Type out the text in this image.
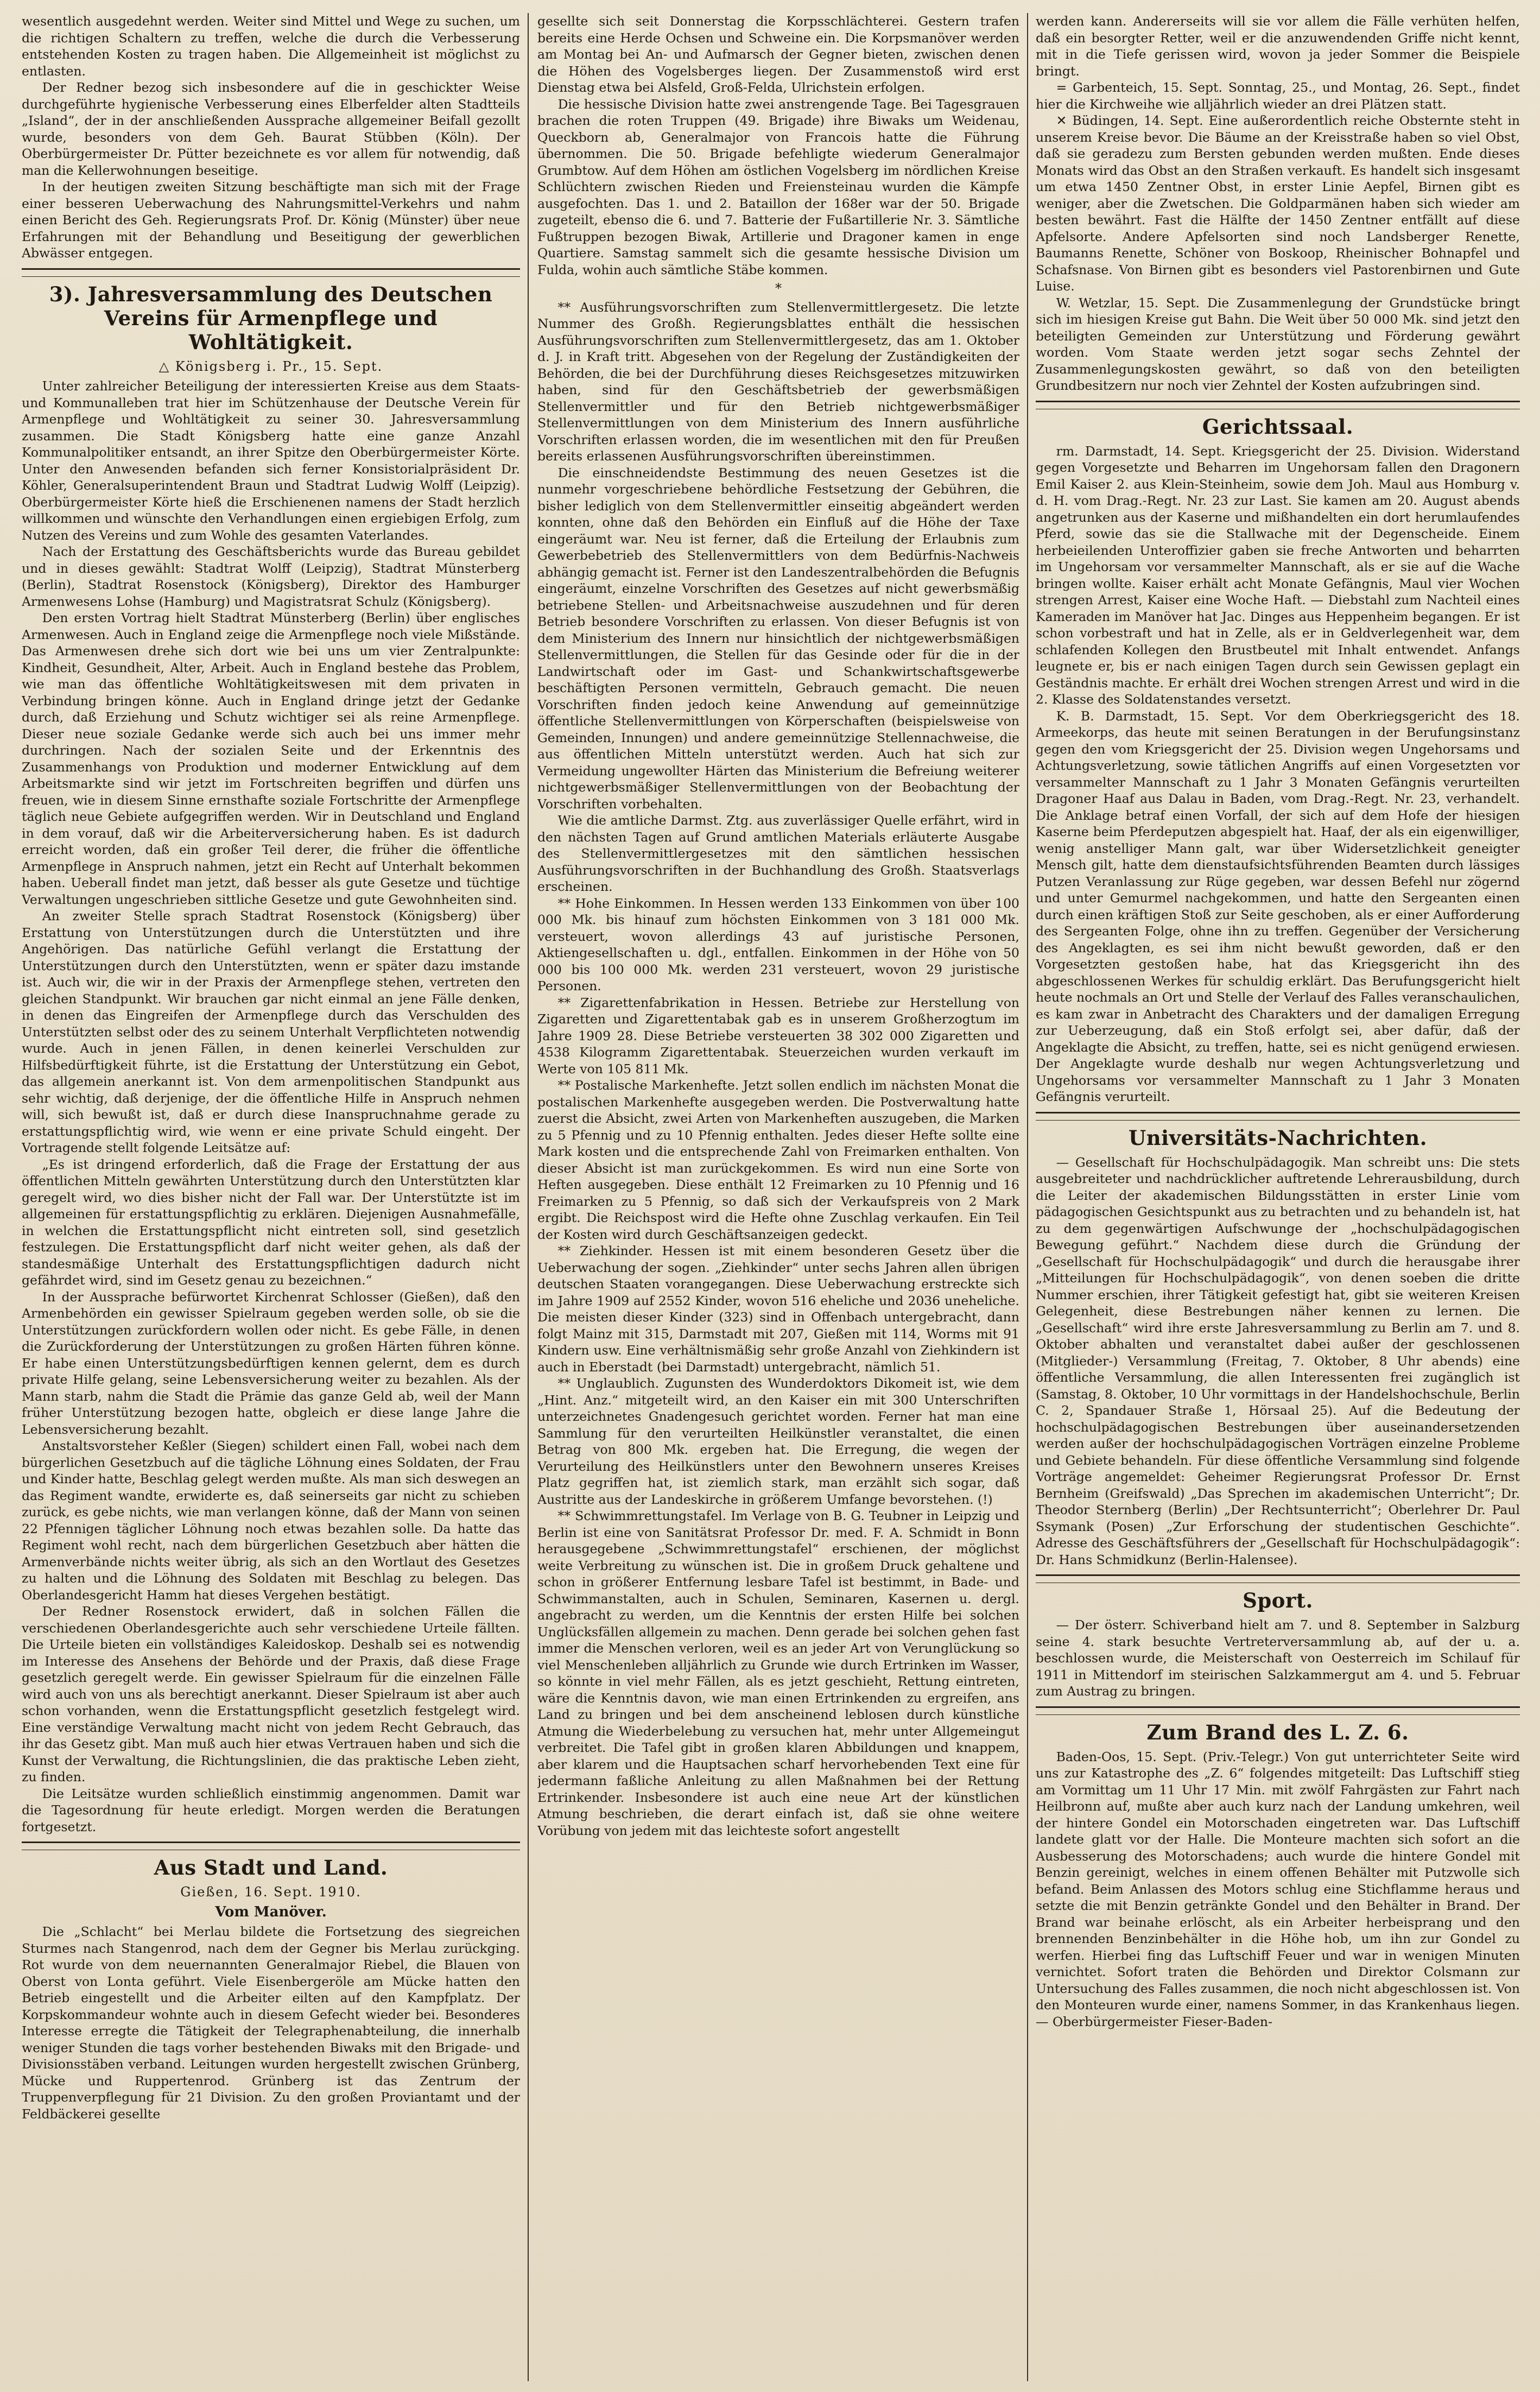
wesentlich ausgedehnt werden. Weiter sind Mittel und Wege zu suchen, um die richtigen Schaltern zu treffen, welche die durch die Verbesserung entstehenden Kosten zu tragen haben. Die Allgemeinheit ist möglichst zu entlasten.

Der Redner bezog sich insbesondere auf die in geschickter Weise durchgeführte hygienische Verbesserung eines Elberfelder alten Stadtteils „Island“, der in der anschließenden Aussprache allgemeiner Beifall gezollt wurde, besonders von dem Geh. Baurat Stübben (Köln). Der Oberbürgermeister Dr. Pütter bezeichnete es vor allem für notwendig, daß man die Kellerwohnungen beseitige.

In der heutigen zweiten Sitzung beschäftigte man sich mit der Frage einer besseren Ueberwachung des Nahrungsmittel-Verkehrs und nahm einen Bericht des Geh. Regierungsrats Prof. Dr. König (Münster) über neue Erfahrungen mit der Behandlung und Beseitigung der gewerblichen Abwässer entgegen.

3). Jahresversammlung des Deutschen Vereins für Armenpflege und Wohltätigkeit.
△ Königsberg i. Pr., 15. Sept.

Unter zahlreicher Beteiligung der interessierten Kreise aus dem Staats- und Kommunalleben trat hier im Schützenhause der Deutsche Verein für Armenpflege und Wohltätigkeit zu seiner 30. Jahresversammlung zusammen. Die Stadt Königsberg hatte eine ganze Anzahl Kommunalpolitiker entsandt, an ihrer Spitze den Oberbürgermeister Körte. Unter den Anwesenden befanden sich ferner Konsistorialpräsident Dr. Köhler, Generalsuperintendent Braun und Stadtrat Ludwig Wolff (Leipzig). Oberbürgermeister Körte hieß die Erschienenen namens der Stadt herzlich willkommen und wünschte den Verhandlungen einen ergiebigen Erfolg, zum Nutzen des Vereins und zum Wohle des gesamten Vaterlandes.

Nach der Erstattung des Geschäftsberichts wurde das Bureau gebildet und in dieses gewählt: Stadtrat Wolff (Leipzig), Stadtrat Münsterberg (Berlin), Stadtrat Rosenstock (Königsberg), Direktor des Hamburger Armenwesens Lohse (Hamburg) und Magistratsrat Schulz (Königsberg).

Den ersten Vortrag hielt Stadtrat Münsterberg (Berlin) über englisches Armenwesen. Auch in England zeige die Armenpflege noch viele Mißstände. Das Armenwesen drehe sich dort wie bei uns um vier Zentralpunkte: Kindheit, Gesundheit, Alter, Arbeit. Auch in England bestehe das Problem, wie man das öffentliche Wohltätigkeitswesen mit dem privaten in Verbindung bringen könne. Auch in England dringe jetzt der Gedanke durch, daß Erziehung und Schutz wichtiger sei als reine Armenpflege. Dieser neue soziale Gedanke werde sich auch bei uns immer mehr durchringen. Nach der sozialen Seite und der Erkenntnis des Zusammenhangs von Produktion und moderner Entwicklung auf dem Arbeitsmarkte sind wir jetzt im Fortschreiten begriffen und dürfen uns freuen, wie in diesem Sinne ernsthafte soziale Fortschritte der Armenpflege täglich neue Gebiete aufgegriffen werden. Wir in Deutschland und England in dem vorauf, daß wir die Arbeiterversicherung haben. Es ist dadurch erreicht worden, daß ein großer Teil derer, die früher die öffentliche Armenpflege in Anspruch nahmen, jetzt ein Recht auf Unterhalt bekommen haben. Ueberall findet man jetzt, daß besser als gute Gesetze und tüchtige Verwaltungen ungeschrieben sittliche Gesetze und gute Gewohnheiten sind.

An zweiter Stelle sprach Stadtrat Rosenstock (Königsberg) über Erstattung von Unterstützungen durch die Unterstützten und ihre Angehörigen. Das natürliche Gefühl verlangt die Erstattung der Unterstützungen durch den Unterstützten, wenn er später dazu imstande ist. Auch wir, die wir in der Praxis der Armenpflege stehen, vertreten den gleichen Standpunkt. Wir brauchen gar nicht einmal an jene Fälle denken, in denen das Eingreifen der Armenpflege durch das Verschulden des Unterstützten selbst oder des zu seinem Unterhalt Verpflichteten notwendig wurde. Auch in jenen Fällen, in denen keinerlei Verschulden zur Hilfsbedürftigkeit führte, ist die Erstattung der Unterstützung ein Gebot, das allgemein anerkannt ist. Von dem armenpolitischen Standpunkt aus sehr wichtig, daß derjenige, der die öffentliche Hilfe in Anspruch nehmen will, sich bewußt ist, daß er durch diese Inanspruchnahme gerade zu erstattungspflichtig wird, wie wenn er eine private Schuld eingeht. Der Vortragende stellt folgende Leitsätze auf:

„Es ist dringend erforderlich, daß die Frage der Erstattung der aus öffentlichen Mitteln gewährten Unterstützung durch den Unterstützten klar geregelt wird, wo dies bisher nicht der Fall war. Der Unterstützte ist im allgemeinen für erstattungspflichtig zu erklären. Diejenigen Ausnahmefälle, in welchen die Erstattungspflicht nicht eintreten soll, sind gesetzlich festzulegen. Die Erstattungspflicht darf nicht weiter gehen, als daß der standesmäßige Unterhalt des Erstattungspflichtigen dadurch nicht gefährdet wird, sind im Gesetz genau zu bezeichnen.“

In der Aussprache befürwortet Kirchenrat Schlosser (Gießen), daß den Armenbehörden ein gewisser Spielraum gegeben werden solle, ob sie die Unterstützungen zurückfordern wollen oder nicht. Es gebe Fälle, in denen die Zurückforderung der Unterstützungen zu großen Härten führen könne. Er habe einen Unterstützungsbedürftigen kennen gelernt, dem es durch private Hilfe gelang, seine Lebensversicherung weiter zu bezahlen. Als der Mann starb, nahm die Stadt die Prämie das ganze Geld ab, weil der Mann früher Unterstützung bezogen hatte, obgleich er diese lange Jahre die Lebensversicherung bezahlt.

Anstaltsvorsteher Keßler (Siegen) schildert einen Fall, wobei nach dem bürgerlichen Gesetzbuch auf die tägliche Löhnung eines Soldaten, der Frau und Kinder hatte, Beschlag gelegt werden mußte. Als man sich deswegen an das Regiment wandte, erwiderte es, daß seinerseits gar nicht zu schieben zurück, es gebe nichts, wie man verlangen könne, daß der Mann von seinen 22 Pfennigen täglicher Löhnung noch etwas bezahlen solle. Da hatte das Regiment wohl recht, nach dem bürgerlichen Gesetzbuch aber hätten die Armenverbände nichts weiter übrig, als sich an den Wortlaut des Gesetzes zu halten und die Löhnung des Soldaten mit Beschlag zu belegen. Das Oberlandesgericht Hamm hat dieses Vergehen bestätigt.

Der Redner Rosenstock erwidert, daß in solchen Fällen die verschiedenen Oberlandesgerichte auch sehr verschiedene Urteile fällten. Die Urteile bieten ein vollständiges Kaleidoskop. Deshalb sei es notwendig im Interesse des Ansehens der Behörde und der Praxis, daß diese Frage gesetzlich geregelt werde. Ein gewisser Spielraum für die einzelnen Fälle wird auch von uns als berechtigt anerkannt. Dieser Spielraum ist aber auch schon vorhanden, wenn die Erstattungspflicht gesetzlich festgelegt wird. Eine verständige Verwaltung macht nicht von jedem Recht Gebrauch, das ihr das Gesetz gibt. Man muß auch hier etwas Vertrauen haben und sich die Kunst der Verwaltung, die Richtungslinien, die das praktische Leben zieht, zu finden.

Die Leitsätze wurden schließlich einstimmig angenommen. Damit war die Tagesordnung für heute erledigt. Morgen werden die Beratungen fortgesetzt.

Aus Stadt und Land.
Gießen, 16. Sept. 1910.
Vom Manöver.

Die „Schlacht“ bei Merlau bildete die Fortsetzung des siegreichen Sturmes nach Stangenrod, nach dem der Gegner bis Merlau zurückging. Rot wurde von dem neuernannten Generalmajor Riebel, die Blauen von Oberst von Lonta geführt. Viele Eisenbergeröle am Mücke hatten den Betrieb eingestellt und die Arbeiter eilten auf den Kampfplatz. Der Korpskommandeur wohnte auch in diesem Gefecht wieder bei. Besonderes Interesse erregte die Tätigkeit der Telegraphenabteilung, die innerhalb weniger Stunden die tags vorher bestehenden Biwaks mit den Brigade- und Divisionsstäben verband. Leitungen wurden hergestellt zwischen Grünberg, Mücke und Ruppertenrod. Grünberg ist das Zentrum der Truppenverpflegung für 21 Division. Zu den großen Proviantamt und der Feldbäckerei gesellte

gesellte sich seit Donnerstag die Korpsschlächterei. Gestern trafen bereits eine Herde Ochsen und Schweine ein. Die Korpsmanöver werden am Montag bei An- und Aufmarsch der Gegner bieten, zwischen denen die Höhen des Vogelsberges liegen. Der Zusammenstoß wird erst Dienstag etwa bei Alsfeld, Groß-Felda, Ulrichstein erfolgen.

Die hessische Division hatte zwei anstrengende Tage. Bei Tagesgrauen brachen die roten Truppen (49. Brigade) ihre Biwaks um Weidenau, Queckborn ab, Generalmajor von Francois hatte die Führung übernommen. Die 50. Brigade befehligte wiederum Generalmajor Grumbtow. Auf dem Höhen am östlichen Vogelsberg im nördlichen Kreise Schlüchtern zwischen Rieden und Freiensteinau wurden die Kämpfe ausgefochten. Das 1. und 2. Bataillon der 168er war der 50. Brigade zugeteilt, ebenso die 6. und 7. Batterie der Fußartillerie Nr. 3. Sämtliche Fußtruppen bezogen Biwak, Artillerie und Dragoner kamen in enge Quartiere. Samstag sammelt sich die gesamte hessische Division um Fulda, wohin auch sämtliche Stäbe kommen.

*

** Ausführungsvorschriften zum Stellenvermittlergesetz. Die letzte Nummer des Großh. Regierungsblattes enthält die hessischen Ausführungsvorschriften zum Stellenvermittlergesetz, das am 1. Oktober d. J. in Kraft tritt. Abgesehen von der Regelung der Zuständigkeiten der Behörden, die bei der Durchführung dieses Reichsgesetzes mitzuwirken haben, sind für den Geschäftsbetrieb der gewerbsmäßigen Stellenvermittler und für den Betrieb nichtgewerbsmäßiger Stellenvermittlungen von dem Ministerium des Innern ausführliche Vorschriften erlassen worden, die im wesentlichen mit den für Preußen bereits erlassenen Ausführungsvorschriften übereinstimmen.

Die einschneidendste Bestimmung des neuen Gesetzes ist die nunmehr vorgeschriebene behördliche Festsetzung der Gebühren, die bisher lediglich von dem Stellenvermittler einseitig abgeändert werden konnten, ohne daß den Behörden ein Einfluß auf die Höhe der Taxe eingeräumt war. Neu ist ferner, daß die Erteilung der Erlaubnis zum Gewerbebetrieb des Stellenvermittlers von dem Bedürfnis-Nachweis abhängig gemacht ist. Ferner ist den Landeszentralbehörden die Befugnis eingeräumt, einzelne Vorschriften des Gesetzes auf nicht gewerbsmäßig betriebene Stellen- und Arbeitsnachweise auszudehnen und für deren Betrieb besondere Vorschriften zu erlassen. Von dieser Befugnis ist von dem Ministerium des Innern nur hinsichtlich der nichtgewerbsmäßigen Stellenvermittlungen, die Stellen für das Gesinde oder für die in der Landwirtschaft oder im Gast- und Schankwirtschaftsgewerbe beschäftigten Personen vermitteln, Gebrauch gemacht. Die neuen Vorschriften finden jedoch keine Anwendung auf gemeinnützige öffentliche Stellenvermittlungen von Körperschaften (beispielsweise von Gemeinden, Innungen) und andere gemeinnützige Stellennachweise, die aus öffentlichen Mitteln unterstützt werden. Auch hat sich zur Vermeidung ungewollter Härten das Ministerium die Befreiung weiterer nichtgewerbsmäßiger Stellenvermittlungen von der Beobachtung der Vorschriften vorbehalten.

Wie die amtliche Darmst. Ztg. aus zuverlässiger Quelle erfährt, wird in den nächsten Tagen auf Grund amtlichen Materials erläuterte Ausgabe des Stellenvermittlergesetzes mit den sämtlichen hessischen Ausführungsvorschriften in der Buchhandlung des Großh. Staatsverlags erscheinen.

** Hohe Einkommen. In Hessen werden 133 Einkommen von über 100 000 Mk. bis hinauf zum höchsten Einkommen von 3 181 000 Mk. versteuert, wovon allerdings 43 auf juristische Personen, Aktiengesellschaften u. dgl., entfallen. Einkommen in der Höhe von 50 000 bis 100 000 Mk. werden 231 versteuert, wovon 29 juristische Personen.

** Zigarettenfabrikation in Hessen. Betriebe zur Herstellung von Zigaretten und Zigarettentabak gab es in unserem Großherzogtum im Jahre 1909 28. Diese Betriebe versteuerten 38 302 000 Zigaretten und 4538 Kilogramm Zigarettentabak. Steuerzeichen wurden verkauft im Werte von 105 811 Mk.

** Postalische Markenhefte. Jetzt sollen endlich im nächsten Monat die postalischen Markenhefte ausgegeben werden. Die Postverwaltung hatte zuerst die Absicht, zwei Arten von Markenheften auszugeben, die Marken zu 5 Pfennig und zu 10 Pfennig enthalten. Jedes dieser Hefte sollte eine Mark kosten und die entsprechende Zahl von Freimarken enthalten. Von dieser Absicht ist man zurückgekommen. Es wird nun eine Sorte von Heften ausgegeben. Diese enthält 12 Freimarken zu 10 Pfennig und 16 Freimarken zu 5 Pfennig, so daß sich der Verkaufspreis von 2 Mark ergibt. Die Reichspost wird die Hefte ohne Zuschlag verkaufen. Ein Teil der Kosten wird durch Geschäftsanzeigen gedeckt.

** Ziehkinder. Hessen ist mit einem besonderen Gesetz über die Ueberwachung der sogen. „Ziehkinder“ unter sechs Jahren allen übrigen deutschen Staaten vorangegangen. Diese Ueberwachung erstreckte sich im Jahre 1909 auf 2552 Kinder, wovon 516 eheliche und 2036 uneheliche. Die meisten dieser Kinder (323) sind in Offenbach untergebracht, dann folgt Mainz mit 315, Darmstadt mit 207, Gießen mit 114, Worms mit 91 Kindern usw. Eine verhältnismäßig sehr große Anzahl von Ziehkindern ist auch in Eberstadt (bei Darmstadt) untergebracht, nämlich 51.

** Unglaublich. Zugunsten des Wunderdoktors Dikomeit ist, wie dem „Hint. Anz.“ mitgeteilt wird, an den Kaiser ein mit 300 Unterschriften unterzeichnetes Gnadengesuch gerichtet worden. Ferner hat man eine Sammlung für den verurteilten Heilkünstler veranstaltet, die einen Betrag von 800 Mk. ergeben hat. Die Erregung, die wegen der Verurteilung des Heilkünstlers unter den Bewohnern unseres Kreises Platz gegriffen hat, ist ziemlich stark, man erzählt sich sogar, daß Austritte aus der Landeskirche in größerem Umfange bevorstehen. (!)

** Schwimmrettungstafel. Im Verlage von B. G. Teubner in Leipzig und Berlin ist eine von Sanitätsrat Professor Dr. med. F. A. Schmidt in Bonn herausgegebene „Schwimmrettungstafel“ erschienen, der möglichst weite Verbreitung zu wünschen ist. Die in großem Druck gehaltene und schon in größerer Entfernung lesbare Tafel ist bestimmt, in Bade- und Schwimmanstalten, auch in Schulen, Seminaren, Kasernen u. dergl. angebracht zu werden, um die Kenntnis der ersten Hilfe bei solchen Unglücksfällen allgemein zu machen. Denn gerade bei solchen gehen fast immer die Menschen verloren, weil es an jeder Art von Verunglückung so viel Menschenleben alljährlich zu Grunde wie durch Ertrinken im Wasser, so könnte in viel mehr Fällen, als es jetzt geschieht, Rettung eintreten, wäre die Kenntnis davon, wie man einen Ertrinkenden zu ergreifen, ans Land zu bringen und bei dem anscheinend leblosen durch künstliche Atmung die Wiederbelebung zu versuchen hat, mehr unter Allgemeingut verbreitet. Die Tafel gibt in großen klaren Abbildungen und knappem, aber klarem und die Hauptsachen scharf hervorhebenden Text eine für jedermann faßliche Anleitung zu allen Maßnahmen bei der Rettung Ertrinkender. Insbesondere ist auch eine neue Art der künstlichen Atmung beschrieben, die derart einfach ist, daß sie ohne weitere Vorübung von jedem mit das leichteste sofort angestellt

werden kann. Andererseits will sie vor allem die Fälle verhüten helfen, daß ein besorgter Retter, weil er die anzuwendenden Griffe nicht kennt, mit in die Tiefe gerissen wird, wovon ja jeder Sommer die Beispiele bringt.

= Garbenteich, 15. Sept. Sonntag, 25., und Montag, 26. Sept., findet hier die Kirchweihe wie alljährlich wieder an drei Plätzen statt.

✕ Büdingen, 14. Sept. Eine außerordentlich reiche Obsternte steht in unserem Kreise bevor. Die Bäume an der Kreisstraße haben so viel Obst, daß sie geradezu zum Bersten gebunden werden mußten. Ende dieses Monats wird das Obst an den Straßen verkauft. Es handelt sich insgesamt um etwa 1450 Zentner Obst, in erster Linie Aepfel, Birnen gibt es weniger, aber die Zwetschen. Die Goldparmänen haben sich wieder am besten bewährt. Fast die Hälfte der 1450 Zentner entfällt auf diese Apfelsorte. Andere Apfelsorten sind noch Landsberger Renette, Baumanns Renette, Schöner von Boskoop, Rheinischer Bohnapfel und Schafsnase. Von Birnen gibt es besonders viel Pastorenbirnen und Gute Luise.

W. Wetzlar, 15. Sept. Die Zusammenlegung der Grundstücke bringt sich im hiesigen Kreise gut Bahn. Die Weit über 50 000 Mk. sind jetzt den beteiligten Gemeinden zur Unterstützung und Förderung gewährt worden. Vom Staate werden jetzt sogar sechs Zehntel der Zusammenlegungskosten gewährt, so daß von den beteiligten Grundbesitzern nur noch vier Zehntel der Kosten aufzubringen sind.

Gerichtssaal.

rm. Darmstadt, 14. Sept. Kriegsgericht der 25. Division. Widerstand gegen Vorgesetzte und Beharren im Ungehorsam fallen den Dragonern Emil Kaiser 2. aus Klein-Steinheim, sowie dem Joh. Maul aus Homburg v. d. H. vom Drag.-Regt. Nr. 23 zur Last. Sie kamen am 20. August abends angetrunken aus der Kaserne und mißhandelten ein dort herumlaufendes Pferd, sowie das sie die Stallwache mit der Degenscheide. Einem herbeieilenden Unteroffizier gaben sie freche Antworten und beharrten im Ungehorsam vor versammelter Mannschaft, als er sie auf die Wache bringen wollte. Kaiser erhält acht Monate Gefängnis, Maul vier Wochen strengen Arrest, Kaiser eine Woche Haft. — Diebstahl zum Nachteil eines Kameraden im Manöver hat Jac. Dinges aus Heppenheim begangen. Er ist schon vorbestraft und hat in Zelle, als er in Geldverlegenheit war, dem schlafenden Kollegen den Brustbeutel mit Inhalt entwendet. Anfangs leugnete er, bis er nach einigen Tagen durch sein Gewissen geplagt ein Geständnis machte. Er erhält drei Wochen strengen Arrest und wird in die 2. Klasse des Soldatenstandes versetzt.

K. B. Darmstadt, 15. Sept. Vor dem Oberkriegsgericht des 18. Armeekorps, das heute mit seinen Beratungen in der Berufungsinstanz gegen den vom Kriegsgericht der 25. Division wegen Ungehorsams und Achtungsverletzung, sowie tätlichen Angriffs auf einen Vorgesetzten vor versammelter Mannschaft zu 1 Jahr 3 Monaten Gefängnis verurteilten Dragoner Haaf aus Dalau in Baden, vom Drag.-Regt. Nr. 23, verhandelt. Die Anklage betraf einen Vorfall, der sich auf dem Hofe der hiesigen Kaserne beim Pferdeputzen abgespielt hat. Haaf, der als ein eigenwilliger, wenig anstelliger Mann galt, war über Widersetzlichkeit geneigter Mensch gilt, hatte dem dienstaufsichtsführenden Beamten durch lässiges Putzen Veranlassung zur Rüge gegeben, war dessen Befehl nur zögernd und unter Gemurmel nachgekommen, und hatte den Sergeanten einen durch einen kräftigen Stoß zur Seite geschoben, als er einer Aufforderung des Sergeanten Folge, ohne ihn zu treffen. Gegenüber der Versicherung des Angeklagten, es sei ihm nicht bewußt geworden, daß er den Vorgesetzten gestoßen habe, hat das Kriegsgericht ihn des abgeschlossenen Werkes für schuldig erklärt. Das Berufungsgericht hielt heute nochmals an Ort und Stelle der Verlauf des Falles veranschaulichen, es kam zwar in Anbetracht des Charakters und der damaligen Erregung zur Ueberzeugung, daß ein Stoß erfolgt sei, aber dafür, daß der Angeklagte die Absicht, zu treffen, hatte, sei es nicht genügend erwiesen. Der Angeklagte wurde deshalb nur wegen Achtungsverletzung und Ungehorsams vor versammelter Mannschaft zu 1 Jahr 3 Monaten Gefängnis verurteilt.

Universitäts-Nachrichten.

— Gesellschaft für Hochschulpädagogik. Man schreibt uns: Die stets ausgebreiteter und nachdrücklicher auftretende Lehrerausbildung, durch die Leiter der akademischen Bildungsstätten in erster Linie vom pädagogischen Gesichtspunkt aus zu betrachten und zu behandeln ist, hat zu dem gegenwärtigen Aufschwunge der „hochschulpädagogischen Bewegung geführt.“ Nachdem diese durch die Gründung der „Gesellschaft für Hochschulpädagogik“ und durch die herausgabe ihrer „Mitteilungen für Hochschulpädagogik“, von denen soeben die dritte Nummer erschien, ihrer Tätigkeit gefestigt hat, gibt sie weiteren Kreisen Gelegenheit, diese Bestrebungen näher kennen zu lernen. Die „Gesellschaft“ wird ihre erste Jahresversammlung zu Berlin am 7. und 8. Oktober abhalten und veranstaltet dabei außer der geschlossenen (Mitglieder-) Versammlung (Freitag, 7. Oktober, 8 Uhr abends) eine öffentliche Versammlung, die allen Interessenten frei zugänglich ist (Samstag, 8. Oktober, 10 Uhr vormittags in der Handelshochschule, Berlin C. 2, Spandauer Straße 1, Hörsaal 25). Auf die Bedeutung der hochschulpädagogischen Bestrebungen über auseinandersetzenden werden außer der hochschulpädagogischen Vorträgen einzelne Probleme und Gebiete behandeln. Für diese öffentliche Versammlung sind folgende Vorträge angemeldet: Geheimer Regierungsrat Professor Dr. Ernst Bernheim (Greifswald) „Das Sprechen im akademischen Unterricht“; Dr. Theodor Sternberg (Berlin) „Der Rechtsunterricht“; Oberlehrer Dr. Paul Ssymank (Posen) „Zur Erforschung der studentischen Geschichte“. Adresse des Geschäftsführers der „Gesellschaft für Hochschulpädagogik“: Dr. Hans Schmidkunz (Berlin-Halensee).

Sport.

— Der österr. Schiverband hielt am 7. und 8. September in Salzburg seine 4. stark besuchte Vertreterversammlung ab, auf der u. a. beschlossen wurde, die Meisterschaft von Oesterreich im Schilauf für 1911 in Mittendorf im steirischen Salzkammergut am 4. und 5. Februar zum Austrag zu bringen.

Zum Brand des L. Z. 6.

Baden-Oos, 15. Sept. (Priv.-Telegr.) Von gut unterrichteter Seite wird uns zur Katastrophe des „Z. 6“ folgendes mitgeteilt: Das Luftschiff stieg am Vormittag um 11 Uhr 17 Min. mit zwölf Fahrgästen zur Fahrt nach Heilbronn auf, mußte aber auch kurz nach der Landung umkehren, weil der hintere Gondel ein Motorschaden eingetreten war. Das Luftschiff landete glatt vor der Halle. Die Monteure machten sich sofort an die Ausbesserung des Motorschadens; auch wurde die hintere Gondel mit Benzin gereinigt, welches in einem offenen Behälter mit Putzwolle sich befand. Beim Anlassen des Motors schlug eine Stichflamme heraus und setzte die mit Benzin getränkte Gondel und den Behälter in Brand. Der Brand war beinahe erlöscht, als ein Arbeiter herbeisprang und den brennenden Benzinbehälter in die Höhe hob, um ihn zur Gondel zu werfen. Hierbei fing das Luftschiff Feuer und war in wenigen Minuten vernichtet. Sofort traten die Behörden und Direktor Colsmann zur Untersuchung des Falles zusammen, die noch nicht abgeschlossen ist. Von den Monteuren wurde einer, namens Sommer, in das Krankenhaus liegen. — Oberbürgermeister Fieser-Baden-
